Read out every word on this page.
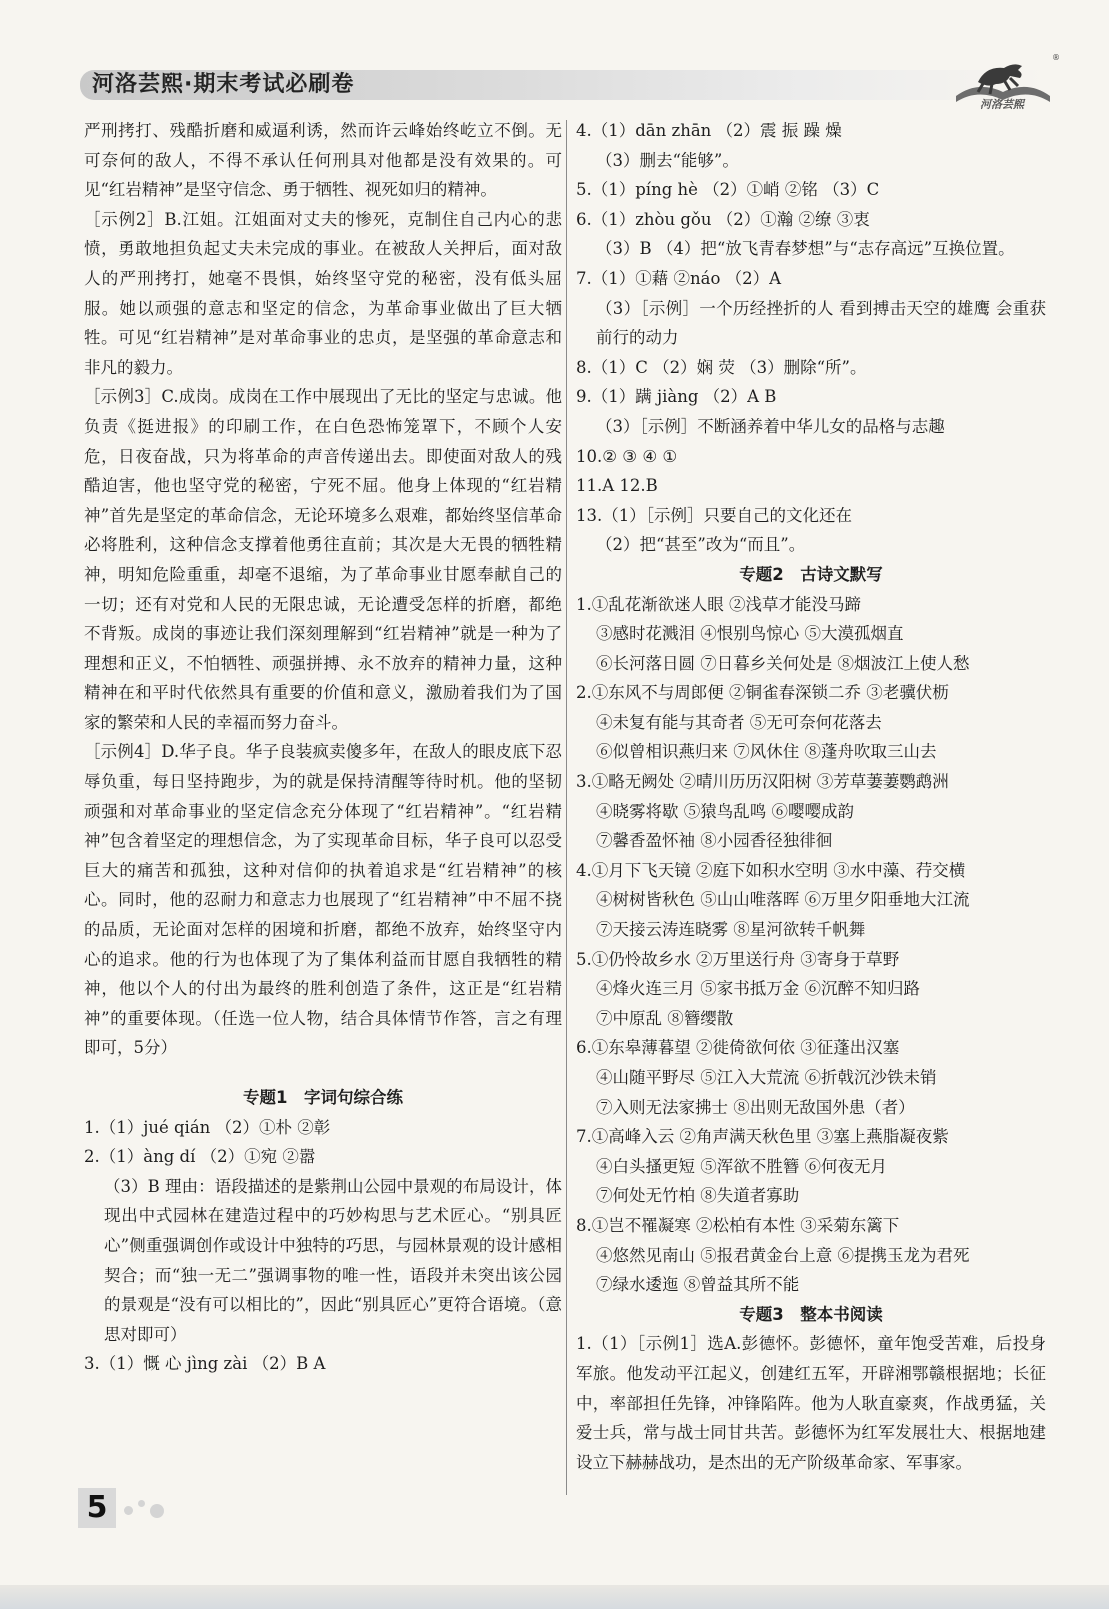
河洛芸熙·期末考试必刷卷
®
河洛芸熙

严刑拷打、残酷折磨和威逼利诱，然而许云峰始终屹立不倒。无可奈何的敌人，不得不承认任何刑具对他都是没有效果的。可见“红岩精神”是坚守信念、勇于牺牲、视死如归的精神。

［示例2］B.江姐。江姐面对丈夫的惨死，克制住自己内心的悲愤，勇敢地担负起丈夫未完成的事业。在被敌人关押后，面对敌人的严刑拷打，她毫不畏惧，始终坚守党的秘密，没有低头屈服。她以顽强的意志和坚定的信念，为革命事业做出了巨大牺牲。可见“红岩精神”是对革命事业的忠贞，是坚强的革命意志和非凡的毅力。

［示例3］C.成岗。成岗在工作中展现出了无比的坚定与忠诚。他负责《挺进报》的印刷工作，在白色恐怖笼罩下，不顾个人安危，日夜奋战，只为将革命的声音传递出去。即使面对敌人的残酷迫害，他也坚守党的秘密，宁死不屈。他身上体现的“红岩精神”首先是坚定的革命信念，无论环境多么艰难，都始终坚信革命必将胜利，这种信念支撑着他勇往直前；其次是大无畏的牺牲精神，明知危险重重，却毫不退缩，为了革命事业甘愿奉献自己的一切；还有对党和人民的无限忠诚，无论遭受怎样的折磨，都绝不背叛。成岗的事迹让我们深刻理解到“红岩精神”就是一种为了理想和正义，不怕牺牲、顽强拼搏、永不放弃的精神力量，这种精神在和平时代依然具有重要的价值和意义，激励着我们为了国家的繁荣和人民的幸福而努力奋斗。

［示例4］D.华子良。华子良装疯卖傻多年，在敌人的眼皮底下忍辱负重，每日坚持跑步，为的就是保持清醒等待时机。他的坚韧顽强和对革命事业的坚定信念充分体现了“红岩精神”。“红岩精神”包含着坚定的理想信念，为了实现革命目标，华子良可以忍受巨大的痛苦和孤独，这种对信仰的执着追求是“红岩精神”的核心。同时，他的忍耐力和意志力也展现了“红岩精神”中不屈不挠的品质，无论面对怎样的困境和折磨，都绝不放弃，始终坚守内心的追求。他的行为也体现了为了集体利益而甘愿自我牺牲的精神，他以个人的付出为最终的胜利创造了条件，这正是“红岩精神”的重要体现。（任选一位人物，结合具体情节作答，言之有理即可，5分）

专题1　字词句综合练

1.（1）jué qián （2）①朴 ②彰

2.（1）àng dí （2）①宛 ②嚣

（3）B 理由：语段描述的是紫荆山公园中景观的布局设计，体现出中式园林在建造过程中的巧妙构思与艺术匠心。“别具匠心”侧重强调创作或设计中独特的巧思，与园林景观的设计感相契合；而“独一无二”强调事物的唯一性，语段并未突出该公园的景观是“没有可以相比的”，因此“别具匠心”更符合语境。（意思对即可）

3.（1）慨 心 jìng zài （2）B A

4.（1）dān zhān （2）震 振 躁 燥

（3）删去“能够”。

5.（1）píng hè （2）①峭 ②铭 （3）C

6.（1）zhòu gǒu （2）①瀚 ②缭 ③衷

（3）B （4）把“放飞青春梦想”与“志存高远”互换位置。

7.（1）①藉 ②náo （2）A

（3）［示例］一个历经挫折的人 看到搏击天空的雄鹰 会重获前行的动力

8.（1）C （2）娴 荧 （3）删除“所”。

9.（1）蹒 jiàng （2）A B

（3）［示例］不断涵养着中华儿女的品格与志趣

10.② ③ ④ ①

11.A 12.B

13.（1）［示例］只要自己的文化还在

（2）把“甚至”改为“而且”。

专题2　古诗文默写

1.①乱花渐欲迷人眼 ②浅草才能没马蹄

③感时花溅泪 ④恨别鸟惊心 ⑤大漠孤烟直

⑥长河落日圆 ⑦日暮乡关何处是 ⑧烟波江上使人愁

2.①东风不与周郎便 ②铜雀春深锁二乔 ③老骥伏枥

④未复有能与其奇者 ⑤无可奈何花落去

⑥似曾相识燕归来 ⑦风休住 ⑧蓬舟吹取三山去

3.①略无阙处 ②晴川历历汉阳树 ③芳草萋萋鹦鹉洲

④晓雾将歇 ⑤猿鸟乱鸣 ⑥嘤嘤成韵

⑦馨香盈怀袖 ⑧小园香径独徘徊

4.①月下飞天镜 ②庭下如积水空明 ③水中藻、荇交横

④树树皆秋色 ⑤山山唯落晖 ⑥万里夕阳垂地大江流

⑦天接云涛连晓雾 ⑧星河欲转千帆舞

5.①仍怜故乡水 ②万里送行舟 ③寄身于草野

④烽火连三月 ⑤家书抵万金 ⑥沉醉不知归路

⑦中原乱 ⑧簪缨散

6.①东皋薄暮望 ②徙倚欲何依 ③征蓬出汉塞

④山随平野尽 ⑤江入大荒流 ⑥折戟沉沙铁未销

⑦入则无法家拂士 ⑧出则无敌国外患（者）

7.①高峰入云 ②角声满天秋色里 ③塞上燕脂凝夜紫

④白头搔更短 ⑤浑欲不胜簪 ⑥何夜无月

⑦何处无竹柏 ⑧失道者寡助

8.①岂不罹凝寒 ②松柏有本性 ③采菊东篱下

④悠然见南山 ⑤报君黄金台上意 ⑥提携玉龙为君死

⑦绿水逶迤 ⑧曾益其所不能

专题3　整本书阅读

1.（1）［示例1］选A.彭德怀。彭德怀，童年饱受苦难，后投身军旅。他发动平江起义，创建红五军，开辟湘鄂赣根据地；长征中，率部担任先锋，冲锋陷阵。他为人耿直豪爽，作战勇猛，关爱士兵，常与战士同甘共苦。彭德怀为红军发展壮大、根据地建设立下赫赫战功，是杰出的无产阶级革命家、军事家。

5
